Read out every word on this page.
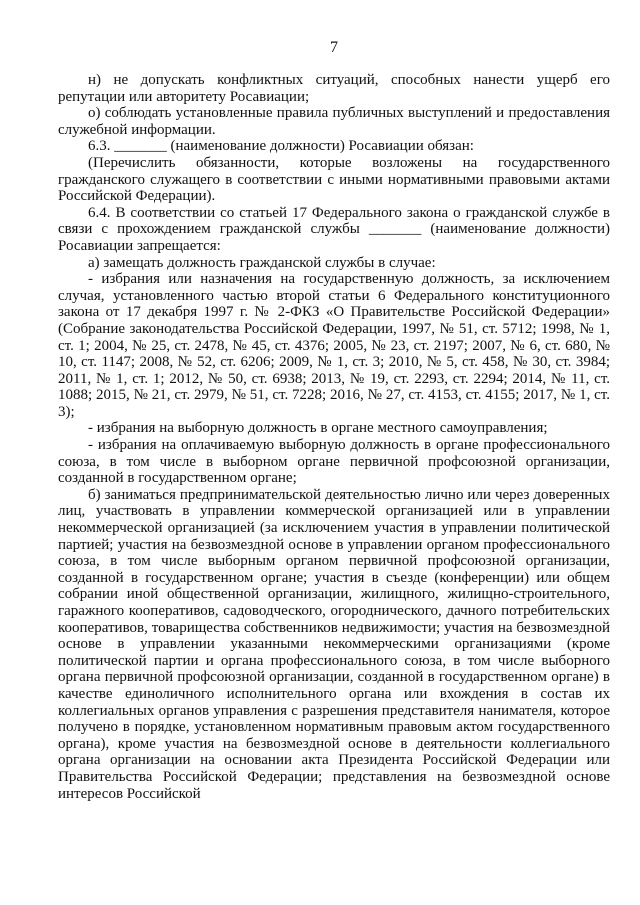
7

н) не допускать конфликтных ситуаций, способных нанести ущерб его репутации или авторитету Росавиации;

о) соблюдать установленные правила публичных выступлений и предоставления служебной информации.

6.3. _______ (наименование должности) Росавиации обязан:

(Перечислить обязанности, которые возложены на государственного гражданского служащего в соответствии с иными нормативными правовыми актами Российской Федерации).

6.4. В соответствии со статьей 17 Федерального закона о гражданской службе в связи с прохождением гражданской службы _______ (наименование должности) Росавиации запрещается:

а) замещать должность гражданской службы в случае:

- избрания или назначения на государственную должность, за исключением случая, установленного частью второй статьи 6 Федерального конституционного закона от 17 декабря 1997 г. № 2-ФКЗ «О Правительстве Российской Федерации» (Собрание законодательства Российской Федерации, 1997, № 51, ст. 5712; 1998, № 1, ст. 1; 2004, № 25, ст. 2478, № 45, ст. 4376; 2005, № 23, ст. 2197; 2007, № 6, ст. 680, № 10, ст. 1147; 2008, № 52, ст. 6206; 2009, № 1, ст. 3; 2010, № 5, ст. 458, № 30, ст. 3984; 2011, № 1, ст. 1; 2012, № 50, ст. 6938; 2013, № 19, ст. 2293, ст. 2294; 2014, № 11, ст. 1088; 2015, № 21, ст. 2979, № 51, ст. 7228; 2016, № 27, ст. 4153, ст. 4155; 2017, № 1, ст. 3);

- избрания на выборную должность в органе местного самоуправления;

- избрания на оплачиваемую выборную должность в органе профессионального союза, в том числе в выборном органе первичной профсоюзной организации, созданной в государственном органе;

б) заниматься предпринимательской деятельностью лично или через доверенных лиц, участвовать в управлении коммерческой организацией или в управлении некоммерческой организацией (за исключением участия в управлении политической партией; участия на безвозмездной основе в управлении органом профессионального союза, в том числе выборным органом первичной профсоюзной организации, созданной в государственном органе; участия в съезде (конференции) или общем собрании иной общественной организации, жилищного, жилищно-строительного, гаражного кооперативов, садоводческого, огороднического, дачного потребительских кооперативов, товарищества собственников недвижимости; участия на безвозмездной основе в управлении указанными некоммерческими организациями (кроме политической партии и органа профессионального союза, в том числе выборного органа первичной профсоюзной организации, созданной в государственном органе) в качестве единоличного исполнительного органа или вхождения в состав их коллегиальных органов управления с разрешения представителя нанимателя, которое получено в порядке, установленном нормативным правовым актом государственного органа), кроме участия на безвозмездной основе в деятельности коллегиального органа организации на основании акта Президента Российской Федерации или Правительства Российской Федерации; представления на безвозмездной основе интересов Российской
